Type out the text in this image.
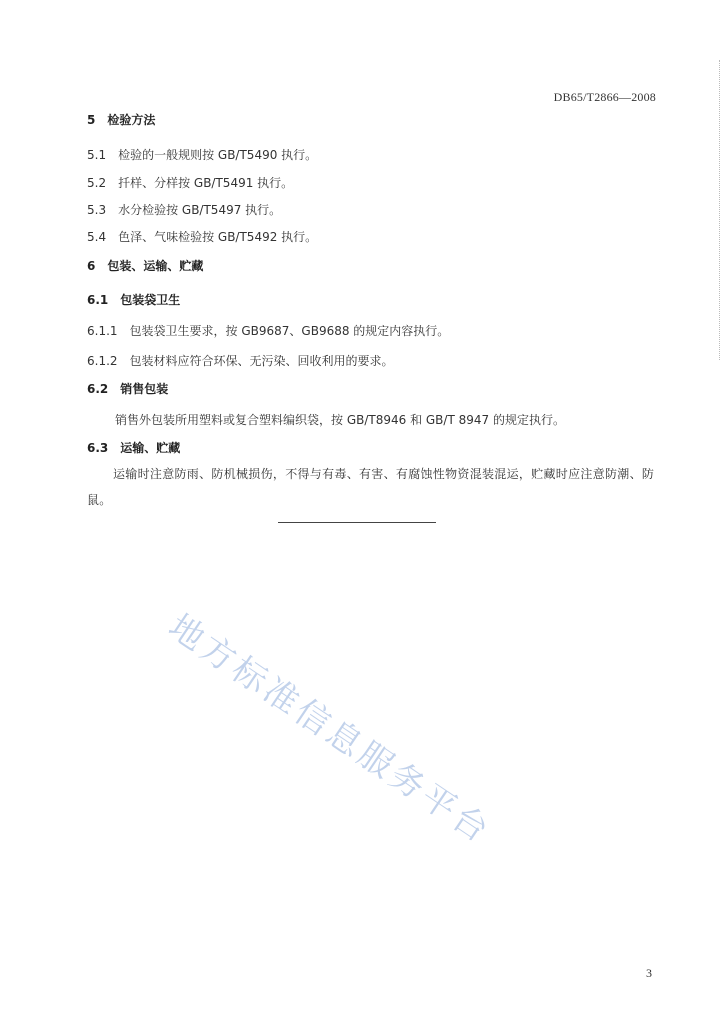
DB65/T2866—2008
5　检验方法
5.1　检验的一般规则按 GB/T5490 执行。
5.2　扦样、分样按 GB/T5491 执行。
5.3　水分检验按 GB/T5497 执行。
5.4　色泽、气味检验按 GB/T5492 执行。
6　包装、运输、贮藏
6.1　包装袋卫生
6.1.1　包装袋卫生要求，按 GB9687、GB9688 的规定内容执行。
6.1.2　包装材料应符合环保、无污染、回收利用的要求。
6.2　销售包装
销售外包装所用塑料或复合塑料编织袋，按 GB/T8946 和 GB/T 8947 的规定执行。
6.3　运输、贮藏
运输时注意防雨、防机械损伤，不得与有毒、有害、有腐蚀性物资混装混运，贮藏时应注意防潮、防鼠。
地方标准信息服务平台
3
